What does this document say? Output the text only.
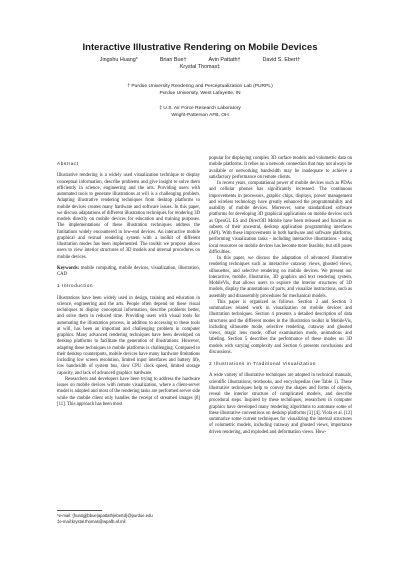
Interactive Illustrative Rendering on Mobile Devices
Jingshu Huang*	Brian Bue†	Avin Pattath†	David S. Ebert†
Krystal Thomas‡
† Purdue University Rendering and Perceptualization Lab (PURPL)
Purdue University, West Lafayette, IN
‡ U.S. Air Force Research Laboratory
Wright-Patterson AFB, OH
Abstract

Illustrative rendering is a widely used visualization technique to display conceptual information, describe problems and give insight to solve them efficiently in science, engineering and the arts. Providing users with automated tools to generate illustrations at will is a challenging problem. Adapting illustrative rendering techniques from desktop platforms to mobile devices creates many hardware and software issues. In this paper, we discuss adaptations of different illustration techniques for rendering 3D models directly on mobile devices for education and training purposes. The implementations of these illustration techniques address the limitations widely encountered in low-end devices. An interactive mobile graphical and textual rendering system with a toolkit of different illustration modes has been implemented. The toolkit we propose allows users to view interior structures of 3D models and internal procedures on mobile devices.

Keywords: mobile computing, mobile devices, visualization, illustration, CAD

1 Introduction

Illustrations have been widely used in design, training and education in science, engineering and the arts. People often depend on these visual techniques to display conceptual information, describe problems better, and solve them in reduced time. Providing users with visual tools for automating the illustration process, in addition to accessing to these tools at will, has been an important and challenging problem in computer graphics. Many advanced rendering techniques have been developed on desktop platforms to facilitate the generation of illustrations. However, adapting these techniques to mobile platforms is challenging. Compared to their desktop counterparts, mobile devices have many hardware limitations including low screen resolution, limited input interfaces and battery life, low bandwidth of system bus, slow CPU clock speed, limited storage capacity, and lack of advanced graphics hardware.

Researchers and developers have been trying to address the hardware issues on mobile devices with remote visualization, where a client-server model is adopted and most of the rendering tasks are performed server side while the mobile client only handles the receipt of streamed images [8] [11]. This approach has been most

*e-mail: {huangj|bbue|apattath|ebertd}@purdue.edu
‡e-mail:krystal.thomas@wpafb.af.mil

popular for displaying complex 3D surface models and volumetric data on mobile platforms. It relies on a network connection that may not always be available or networking bandwidth may be inadequate to achieve a satisfactory performance on remote clients.

In recent years, computational power of mobile devices such as PDAs and cellular phones has significantly increased. The continuous improvements in processors, graphic chips, displays, power management and wireless technology have greatly enhanced the programmability and usability of mobile devices. Moreover, some standardized software platforms for developing 3D graphical applications on mobile devices such as OpenGL ES and Direct3D Mobile have been released and function as subsets of their ancestral, desktop application programming interfaces (API). With these improvements in both hardware and software platforms, performing visualization tasks - including interactive illustrations - using local resources on mobile devices has become more feasible, but still poses difficulties.

In this paper, we discuss the adaptation of advanced illustrative rendering techniques such as interactive cutaway views, ghosted views, silhouettes, and selective rendering on mobile devices. We present our interactive, mobile, illustrative, 3D graphics and text rendering system, MobileVis, that allows users to explore the interior structures of 3D models, display the annotations of parts, and visualize instructions, such as assembly and disassembly procedures for mechanical models.

This paper is organized as follows. Section 2 and Section 3 summarizes related work in visualization on mobile devices and illustration techniques. Section 4 presents a detailed description of data structures and the different modes in the illustration toolkit in MobileVis, including silhouette mode, selective rendering, cutaway and ghosted views, magic lens mode, offset examination mode, animations and labeling. Section 5 describes the performance of these modes on 3D models with varying complexity and Section 6 presents conclusions and discussions.

2 Illustrations in Traditional Visualization

A wide variety of illustrative techniques are adopted in technical manuals, scientific illustrations, textbooks, and encyclopedias (see Table 1). These illustrative techniques help to convey the shapes and forms of objects, reveal the interior structure of complicated models, and describe procedural steps. Inspired by these techniques, researchers in computer graphics have developed many rendering algorithms to automate some of these illustrative conventions on desktop platforms [3] [4]. Viola et al. [12] summarize some current techniques for visualizing the internal structures of volumetric models, including cutaway and ghosted views, importance driven rendering, and exploded and deformation views. How-
